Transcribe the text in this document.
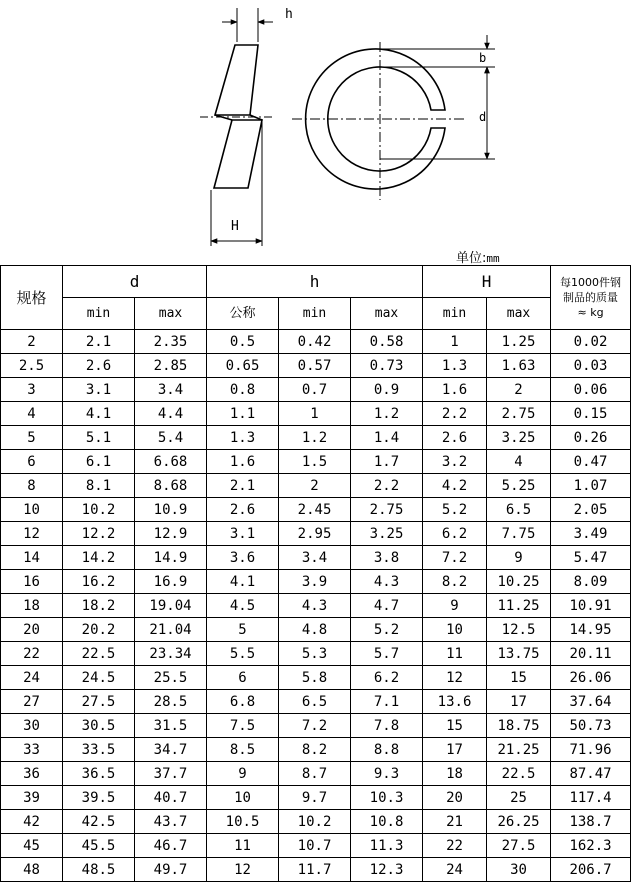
h
H
b
d
单位:mm
规格	d		h			H		每1000件钢
制品的质量
≈ kg
	min	max	公称	min	max	min	max	
2	2.1	2.35	0.5	0.42	0.58	1	1.25	0.02
2.5	2.6	2.85	0.65	0.57	0.73	1.3	1.63	0.03
3	3.1	3.4	0.8	0.7	0.9	1.6	2	0.06
4	4.1	4.4	1.1	1	1.2	2.2	2.75	0.15
5	5.1	5.4	1.3	1.2	1.4	2.6	3.25	0.26
6	6.1	6.68	1.6	1.5	1.7	3.2	4	0.47
8	8.1	8.68	2.1	2	2.2	4.2	5.25	1.07
10	10.2	10.9	2.6	2.45	2.75	5.2	6.5	2.05
12	12.2	12.9	3.1	2.95	3.25	6.2	7.75	3.49
14	14.2	14.9	3.6	3.4	3.8	7.2	9	5.47
16	16.2	16.9	4.1	3.9	4.3	8.2	10.25	8.09
18	18.2	19.04	4.5	4.3	4.7	9	11.25	10.91
20	20.2	21.04	5	4.8	5.2	10	12.5	14.95
22	22.5	23.34	5.5	5.3	5.7	11	13.75	20.11
24	24.5	25.5	6	5.8	6.2	12	15	26.06
27	27.5	28.5	6.8	6.5	7.1	13.6	17	37.64
30	30.5	31.5	7.5	7.2	7.8	15	18.75	50.73
33	33.5	34.7	8.5	8.2	8.8	17	21.25	71.96
36	36.5	37.7	9	8.7	9.3	18	22.5	87.47
39	39.5	40.7	10	9.7	10.3	20	25	117.4
42	42.5	43.7	10.5	10.2	10.8	21	26.25	138.7
45	45.5	46.7	11	10.7	11.3	22	27.5	162.3
48	48.5	49.7	12	11.7	12.3	24	30	206.7
